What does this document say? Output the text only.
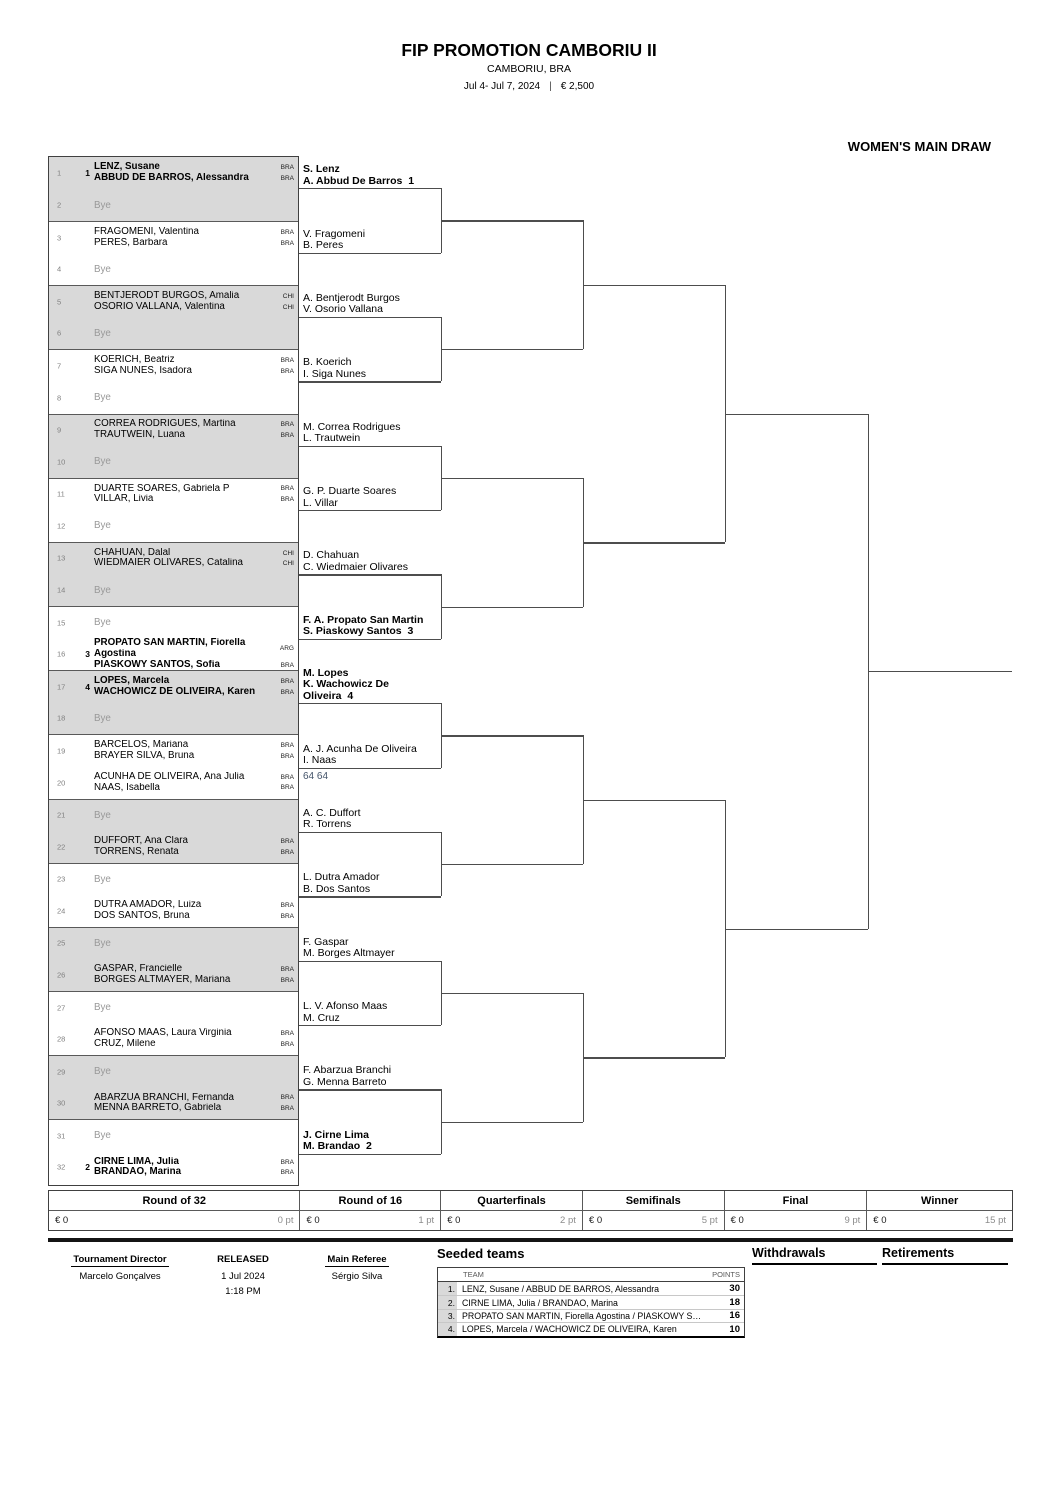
FIP PROMOTION CAMBORIU II
CAMBORIU, BRA
Jul 4- Jul 7, 2024 | € 2,500
WOMEN'S MAIN DRAW
1	1
LENZ, Susane	BRA
ABBUD DE BARROS, Alessandra	BRA
2	Bye
3
FRAGOMENI, Valentina	BRA
PERES, Barbara	BRA
4	Bye
5
BENTJERODT BURGOS, Amalia	CHI
OSORIO VALLANA, Valentina	CHI
6	Bye
7
KOERICH, Beatriz	BRA
SIGA NUNES, Isadora	BRA
8	Bye
9
CORREA RODRIGUES, Martina	BRA
TRAUTWEIN, Luana	BRA
10	Bye
11
DUARTE SOARES, Gabriela P	BRA
VILLAR, Livia	BRA
12	Bye
13
CHAHUAN, Dalal	CHI
WIEDMAIER OLIVARES, Catalina	CHI
14	Bye
15	Bye
16	3
PROPATO SAN MARTIN, Fiorella
Agostina	ARG
PIASKOWY SANTOS, Sofia	BRA
17	4
LOPES, Marcela	BRA
WACHOWICZ DE OLIVEIRA, Karen	BRA
18	Bye
19
BARCELOS, Mariana	BRA
BRAYER SILVA, Bruna	BRA
20
ACUNHA DE OLIVEIRA, Ana Julia	BRA
NAAS, Isabella	BRA
21	Bye
22
DUFFORT, Ana Clara	BRA
TORRENS, Renata	BRA
23	Bye
24
DUTRA AMADOR, Luiza	BRA
DOS SANTOS, Bruna	BRA
25	Bye
26
GASPAR, Francielle	BRA
BORGES ALTMAYER, Mariana	BRA
27	Bye
28
AFONSO MAAS, Laura Virginia	BRA
CRUZ, Milene	BRA
29	Bye
30
ABARZUA BRANCHI, Fernanda	BRA
MENNA BARRETO, Gabriela	BRA
31	Bye
32	2
CIRNE LIMA, Julia	BRA
BRANDAO, Marina	BRA
S. Lenz
A. Abbud De Barros  1
V. Fragomeni
B. Peres
A. Bentjerodt Burgos
V. Osorio Vallana
B. Koerich
I. Siga Nunes
M. Correa Rodrigues
L. Trautwein
G. P. Duarte Soares
L. Villar
D. Chahuan
C. Wiedmaier Olivares
F. A. Propato San Martin
S. Piaskowy Santos  3
M. Lopes
K. Wachowicz De
Oliveira  4
A. J. Acunha De Oliveira
I. Naas
64 64
A. C. Duffort
R. Torrens
L. Dutra Amador
B. Dos Santos
F. Gaspar
M. Borges Altmayer
L. V. Afonso Maas
M. Cruz
F. Abarzua Branchi
G. Menna Barreto
J. Cirne Lima
M. Brandao  2
Round of 32
€ 0	0 pt
Round of 16
€ 0	1 pt
Quarterfinals
€ 0	2 pt
Semifinals
€ 0	5 pt
Final
€ 0	9 pt
Winner
€ 0	15 pt
Tournament Director
Marcelo Gonçalves
RELEASED
1 Jul 2024
1:18 PM
Main Referee
Sérgio Silva
Seeded teams
TEAM	POINTS
1. LENZ, Susane / ABBUD DE BARROS, Alessandra	30
2. CIRNE LIMA, Julia / BRANDAO, Marina	18
3. PROPATO SAN MARTIN, Fiorella Agostina / PIASKOWY S…	16
4. LOPES, Marcela / WACHOWICZ DE OLIVEIRA, Karen	10
Withdrawals	Retirements
